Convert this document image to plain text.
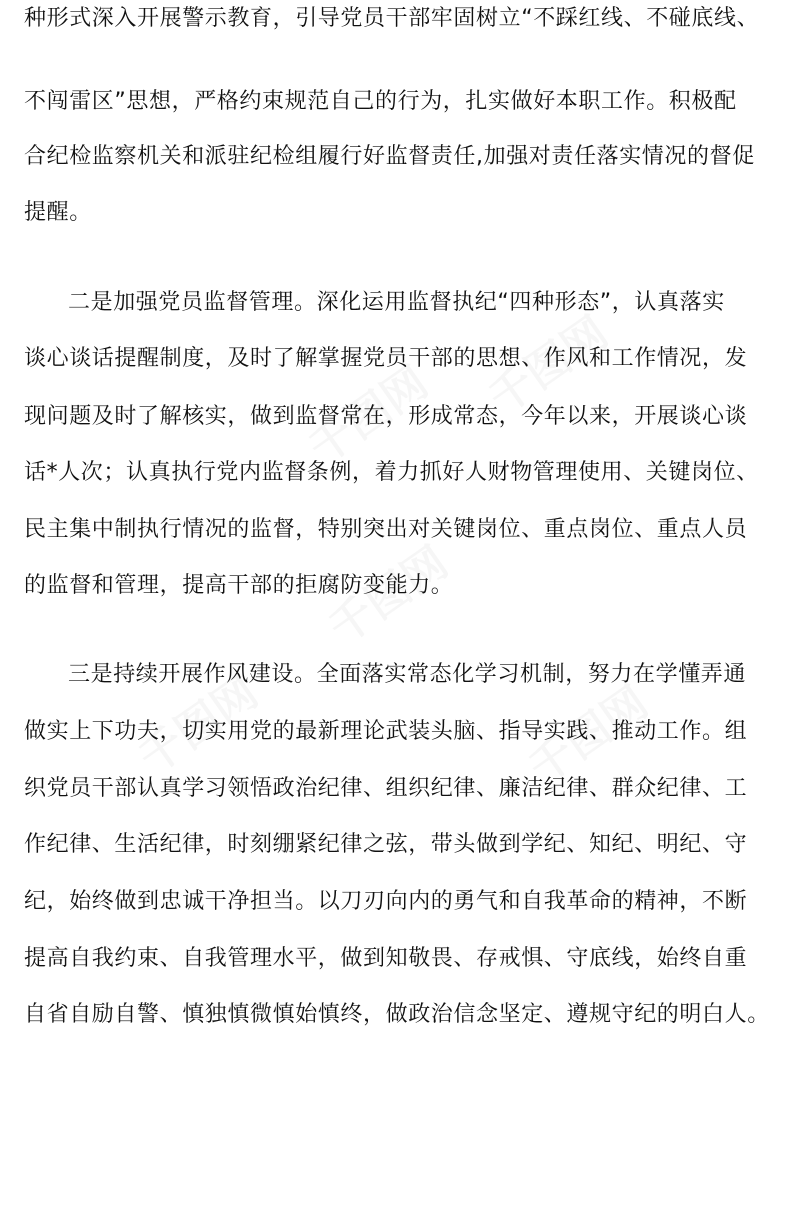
种形式深入开展警示教育，引导党员干部牢固树立“不踩红线、不碰底线、
不闯雷区”思想，严格约束规范自己的行为，扎实做好本职工作。积极配
合纪检监察机关和派驻纪检组履行好监督责任,加强对责任落实情况的督促
提醒。
二是加强党员监督管理。深化运用监督执纪“四种形态”，认真落实
谈心谈话提醒制度，及时了解掌握党员干部的思想、作风和工作情况，发
现问题及时了解核实，做到监督常在，形成常态，今年以来，开展谈心谈
话*人次；认真执行党内监督条例，着力抓好人财物管理使用、关键岗位、
民主集中制执行情况的监督，特别突出对关键岗位、重点岗位、重点人员
的监督和管理，提高干部的拒腐防变能力。
三是持续开展作风建设。全面落实常态化学习机制，努力在学懂弄通
做实上下功夫，切实用党的最新理论武装头脑、指导实践、推动工作。组
织党员干部认真学习领悟政治纪律、组织纪律、廉洁纪律、群众纪律、工
作纪律、生活纪律，时刻绷紧纪律之弦，带头做到学纪、知纪、明纪、守
纪，始终做到忠诚干净担当。以刀刃向内的勇气和自我革命的精神，不断
提高自我约束、自我管理水平，做到知敬畏、存戒惧、守底线，始终自重
自省自励自警、慎独慎微慎始慎终，做政治信念坚定、遵规守纪的明白人。
